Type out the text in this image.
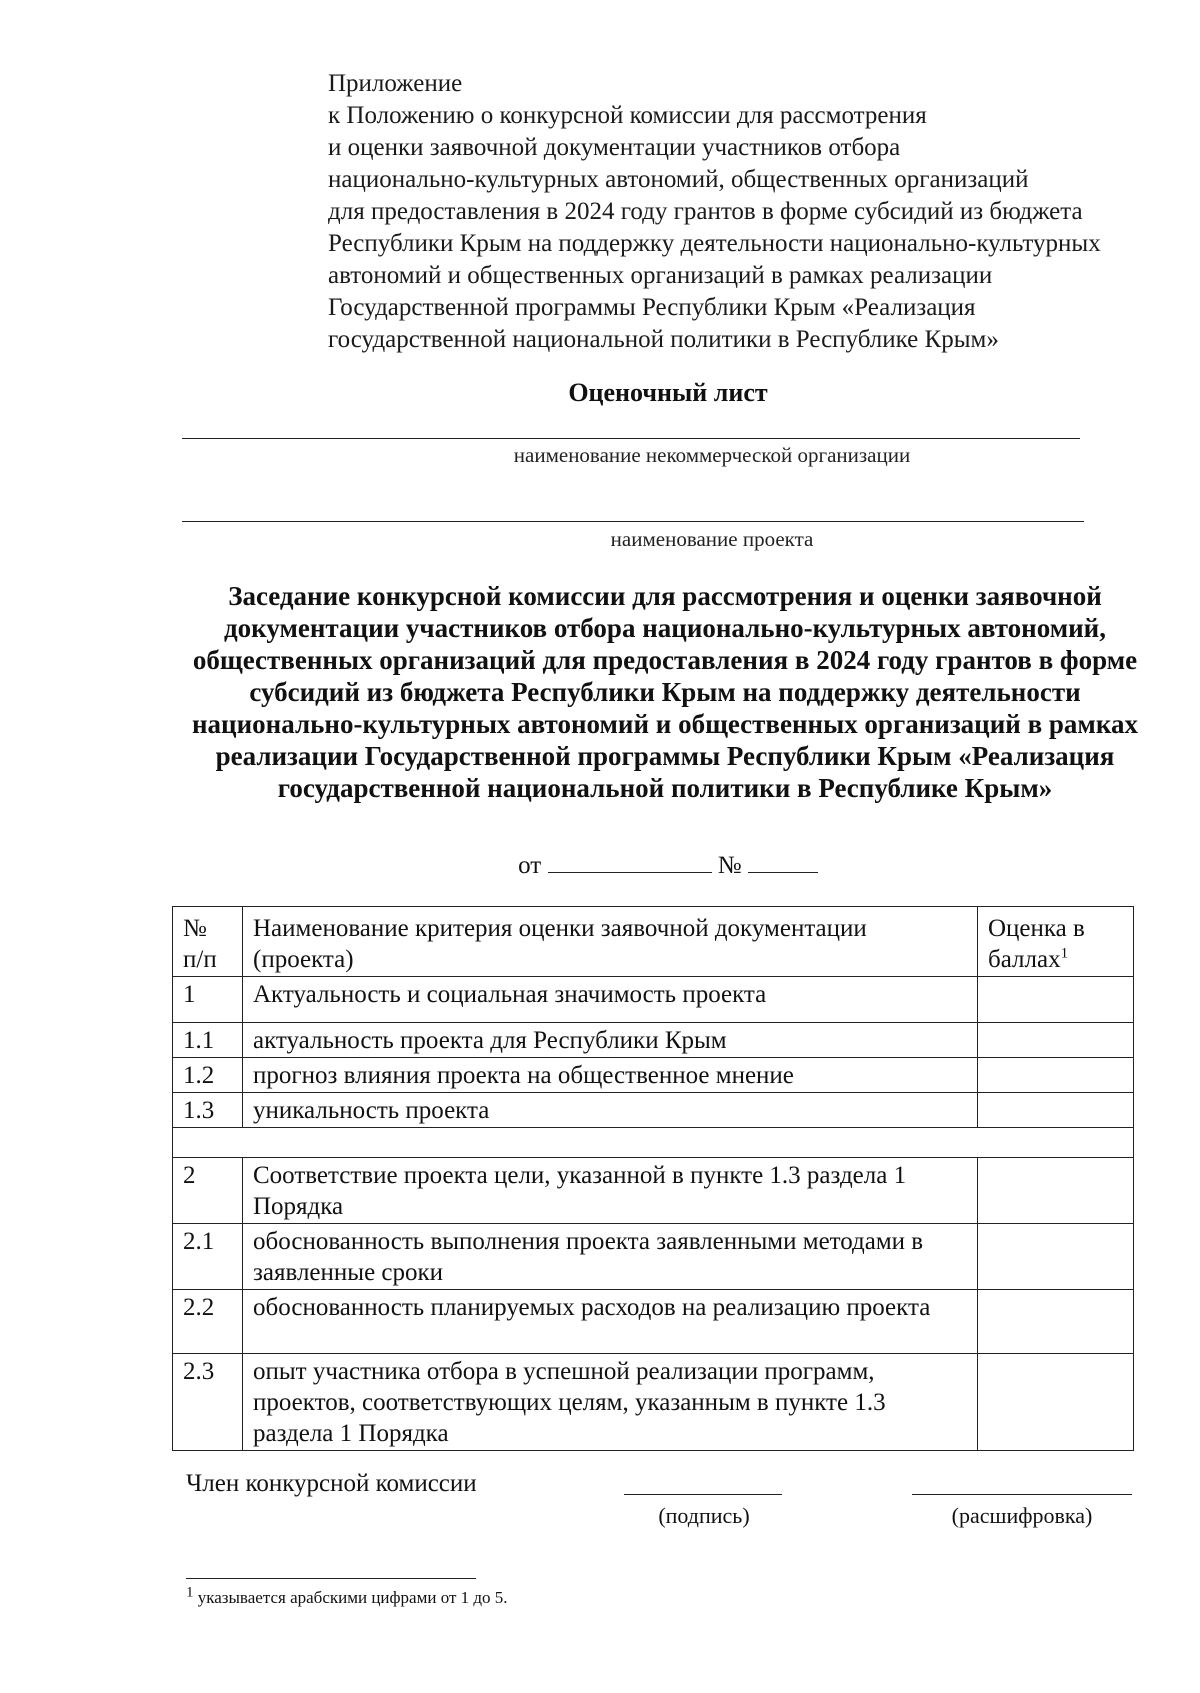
Приложение
к Положению о конкурсной комиссии для рассмотрения
и оценки заявочной документации участников отбора
национально-культурных автономий, общественных организаций
для предоставления в 2024 году грантов в форме субсидий из бюджета
Республики Крым на поддержку деятельности национально-культурных
автономий и общественных организаций в рамках реализации
Государственной программы Республики Крым «Реализация
государственной национальной политики в Республике Крым»
Оценочный лист
наименование некоммерческой организации
наименование проекта
Заседание конкурсной комиссии для рассмотрения и оценки заявочной документации участников отбора национально-культурных автономий, общественных организаций для предоставления в 2024 году грантов в форме субсидий из бюджета Республики Крым на поддержку деятельности национально-культурных автономий и общественных организаций в рамках реализации Государственной программы Республики Крым «Реализация государственной национальной политики в Республике Крым»
от	№
№ п/п	Наименование критерия оценки заявочной документации (проекта)	Оценка в баллах$^1$
1	Актуальность и социальная значимость проекта	
1.1	актуальность проекта для Республики Крым	
1.2	прогноз влияния проекта на общественное мнение	
1.3	уникальность проекта	

2	Соответствие проекта цели, указанной в пункте 1.3 раздела 1 Порядка	
2.1	обоснованность выполнения проекта заявленными методами в заявленные сроки	
2.2	обоснованность планируемых расходов на реализацию проекта	
2.3	опыт участника отбора в успешной реализации программ, проектов, соответствующих целям, указанным в пункте 1.3 раздела 1 Порядка	
Член конкурсной комиссии
(подпись)	(расшифровка)
$^1$ указывается арабскими цифрами от 1 до 5.
